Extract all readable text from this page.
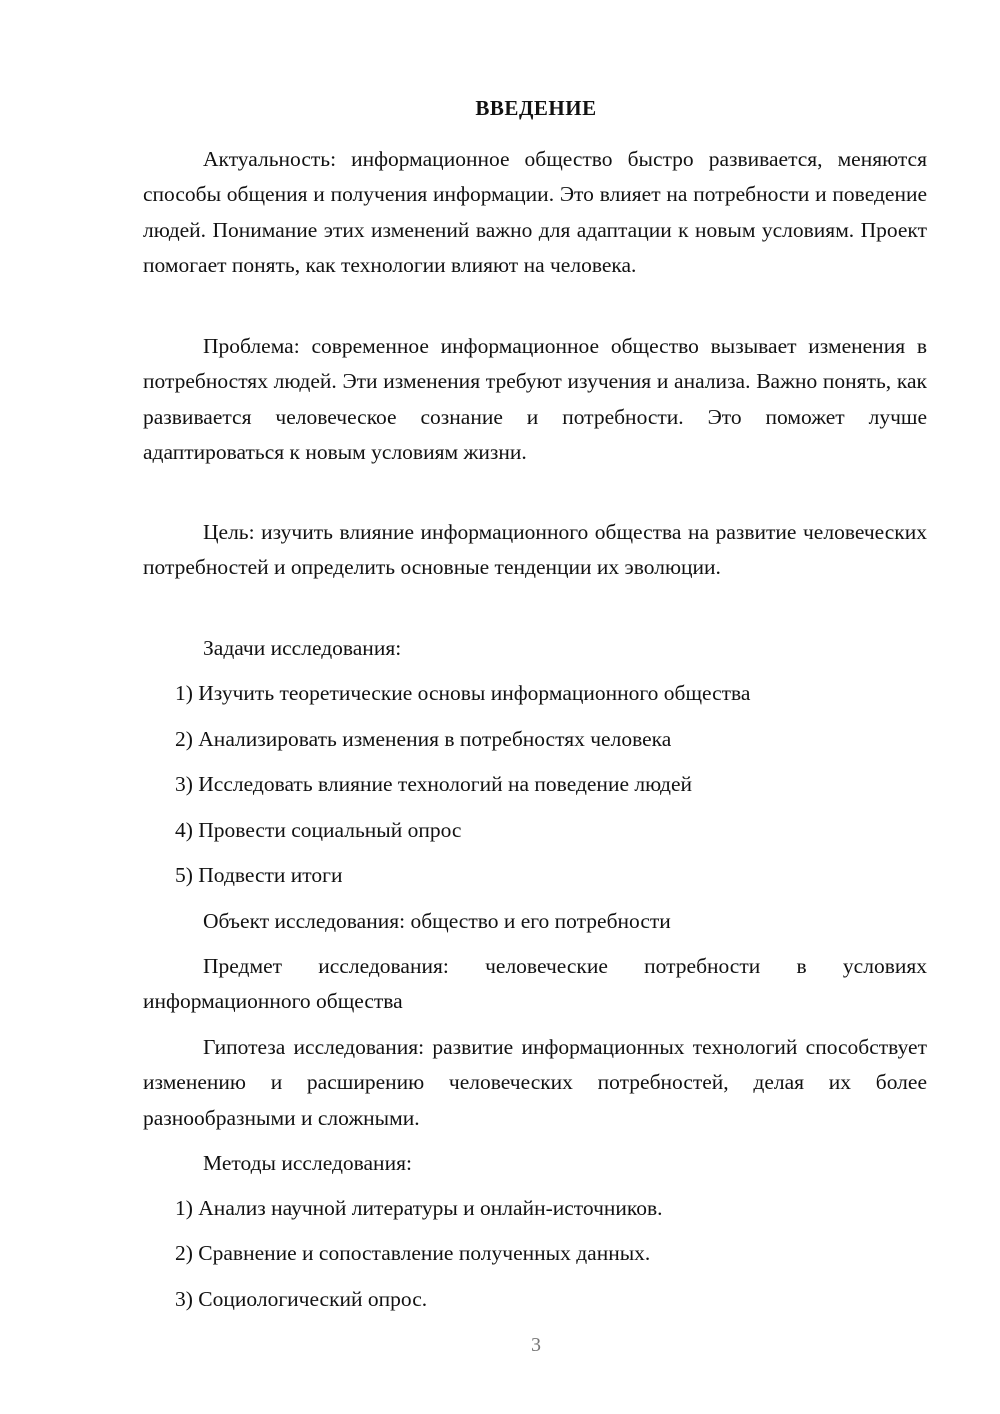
ВВЕДЕНИЕ

Актуальность: информационное общество быстро развивается, меняются способы общения и получения информации. Это влияет на потребности и поведение людей. Понимание этих изменений важно для адаптации к новым условиям. Проект помогает понять, как технологии влияют на человека.

Проблема: современное информационное общество вызывает изменения в потребностях людей. Эти изменения требуют изучения и анализа. Важно понять, как развивается человеческое сознание и потребности. Это поможет лучше адаптироваться к новым условиям жизни.

Цель: изучить влияние информационного общества на развитие человеческих потребностей и определить основные тенденции их эволюции.

Задачи исследования:

1) Изучить теоретические основы информационного общества

2) Анализировать изменения в потребностях человека

3) Исследовать влияние технологий на поведение людей

4) Провести социальный опрос

5) Подвести итоги

Объект исследования: общество и его потребности

Предмет исследования: человеческие потребности в условиях информационного общества

Гипотеза исследования: развитие информационных технологий способствует изменению и расширению человеческих потребностей, делая их более разнообразными и сложными.

Методы исследования:

1) Анализ научной литературы и онлайн-источников.

2) Сравнение и сопоставление полученных данных.

3) Социологический опрос.

3
